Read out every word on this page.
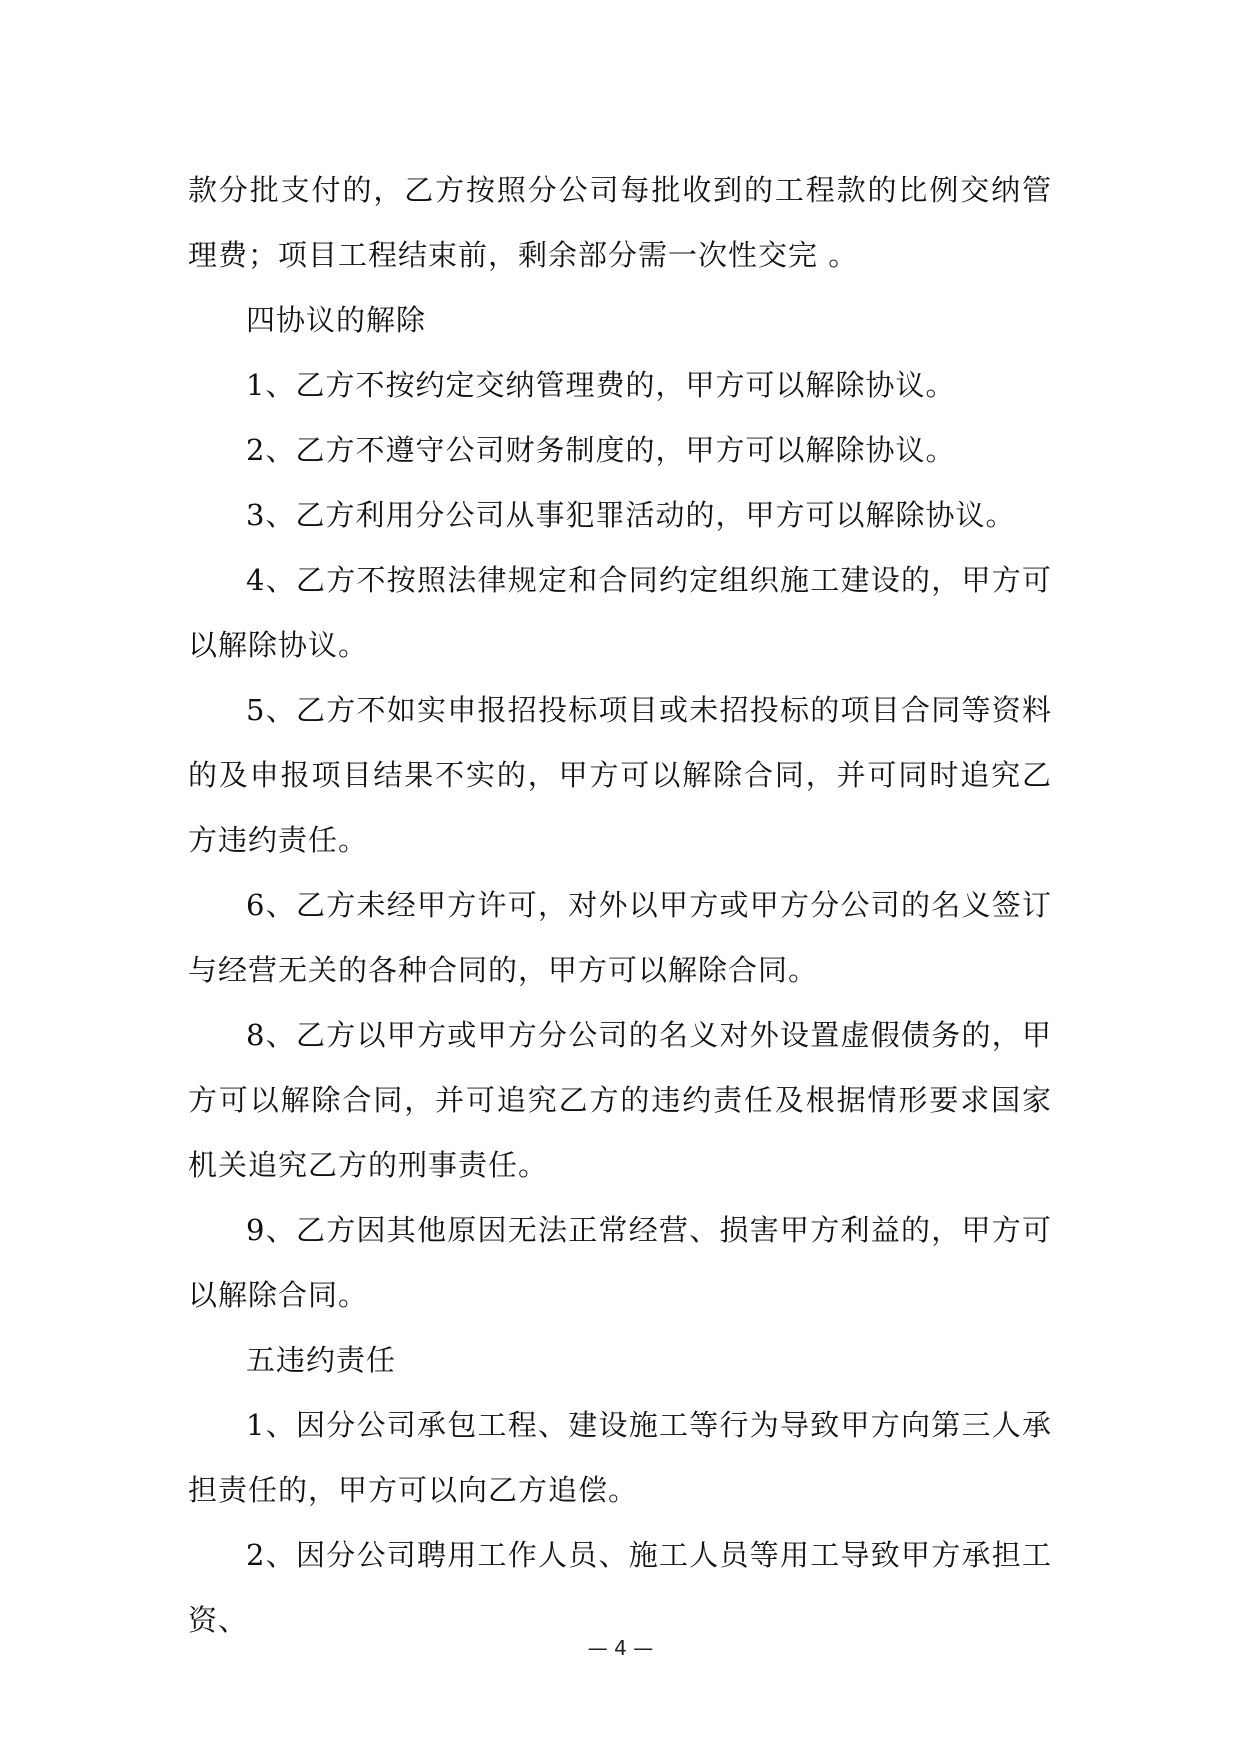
款分批支付的，乙方按照分公司每批收到的工程款的比例交纳管理费；项目工程结束前，剩余部分需一次性交完 。

四协议的解除

1、乙方不按约定交纳管理费的，甲方可以解除协议。

2、乙方不遵守公司财务制度的，甲方可以解除协议。

3、乙方利用分公司从事犯罪活动的，甲方可以解除协议。

4、乙方不按照法律规定和合同约定组织施工建设的，甲方可以解除协议。

5、乙方不如实申报招投标项目或未招投标的项目合同等资料的及申报项目结果不实的，甲方可以解除合同，并可同时追究乙方违约责任。

6、乙方未经甲方许可，对外以甲方或甲方分公司的名义签订与经营无关的各种合同的，甲方可以解除合同。

8、乙方以甲方或甲方分公司的名义对外设置虚假债务的，甲方可以解除合同，并可追究乙方的违约责任及根据情形要求国家机关追究乙方的刑事责任。

9、乙方因其他原因无法正常经营、损害甲方利益的，甲方可以解除合同。

五违约责任

1、因分公司承包工程、建设施工等行为导致甲方向第三人承担责任的，甲方可以向乙方追偿。

2、因分公司聘用工作人员、施工人员等用工导致甲方承担工资、

— 4 —
